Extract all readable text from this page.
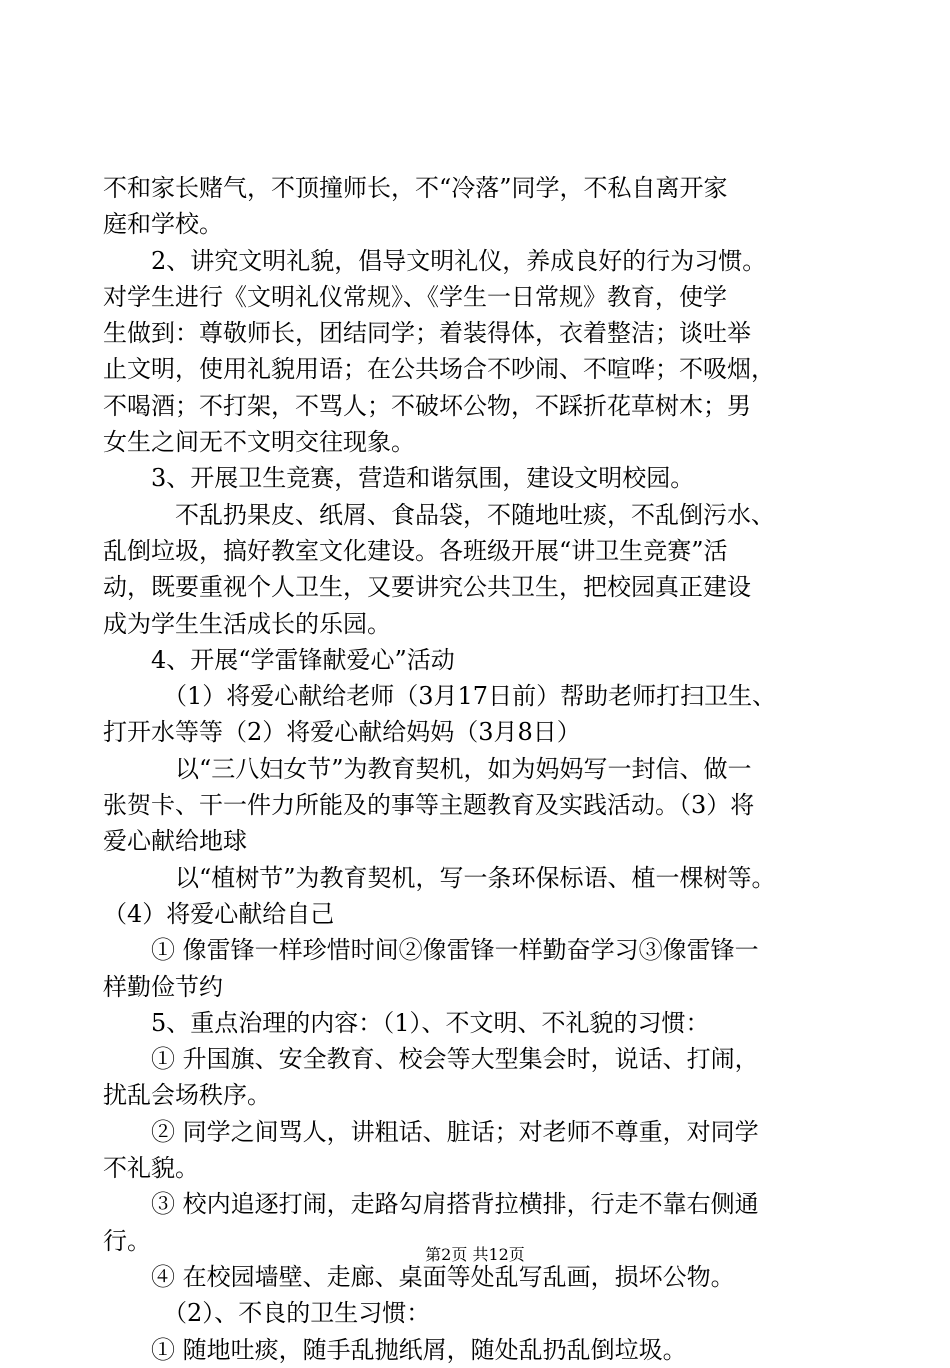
不和家长赌气，不顶撞师长，不“冷落”同学，不私自离开家
庭和学校。
2、讲究文明礼貌，倡导文明礼仪，养成良好的行为习惯。
对学生进行《文明礼仪常规》、《学生一日常规》教育，使学
生做到：尊敬师长，团结同学；着装得体，衣着整洁；谈吐举
止文明，使用礼貌用语；在公共场合不吵闹、不喧哗；不吸烟，
不喝酒；不打架，不骂人；不破坏公物，不踩折花草树木；男
女生之间无不文明交往现象。
3、开展卫生竞赛，营造和谐氛围，建设文明校园。
不乱扔果皮、纸屑、食品袋，不随地吐痰，不乱倒污水、
乱倒垃圾，搞好教室文化建设。各班级开展“讲卫生竞赛”活
动，既要重视个人卫生，又要讲究公共卫生，把校园真正建设
成为学生生活成长的乐园。
4、开展“学雷锋献爱心”活动
（1）将爱心献给老师（3月17日前）帮助老师打扫卫生、
打开水等等（2）将爱心献给妈妈（3月8日）
以“三八妇女节”为教育契机，如为妈妈写一封信、做一
张贺卡、干一件力所能及的事等主题教育及实践活动。（3）将
爱心献给地球
以“植树节”为教育契机，写一条环保标语、植一棵树等。
（4）将爱心献给自己
① 像雷锋一样珍惜时间②像雷锋一样勤奋学习③像雷锋一
样勤俭节约
5、重点治理的内容：（1）、不文明、不礼貌的习惯：
① 升国旗、安全教育、校会等大型集会时，说话、打闹，
扰乱会场秩序。
② 同学之间骂人，讲粗话、脏话；对老师不尊重，对同学
不礼貌。
③ 校内追逐打闹，走路勾肩搭背拉横排，行走不靠右侧通
行。
④ 在校园墙壁、走廊、桌面等处乱写乱画，损坏公物。
（2）、不良的卫生习惯：
① 随地吐痰，随手乱抛纸屑，随处乱扔乱倒垃圾。
第2页 共12页
